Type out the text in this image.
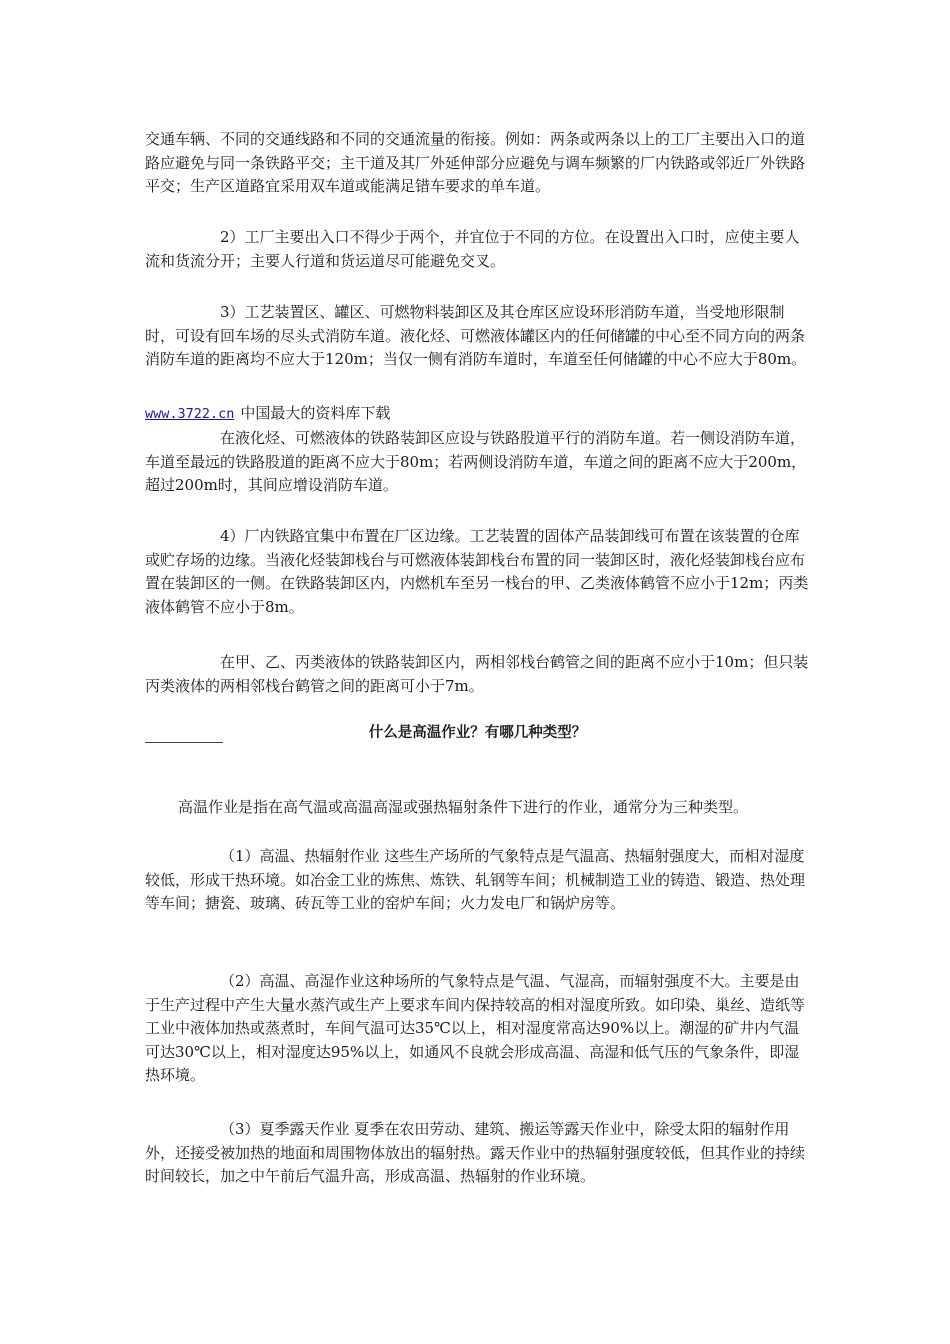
交通车辆、不同的交通线路和不同的交通流量的衔接。例如：两条或两条以上的工厂主要出入口的道路应避免与同一条铁路平交；主干道及其厂外延伸部分应避免与调车频繁的厂内铁路或邻近厂外铁路平交；生产区道路宜采用双车道或能满足错车要求的单车道。

2）工厂主要出入口不得少于两个，并宜位于不同的方位。在设置出入口时，应使主要人流和货流分开；主要人行道和货运道尽可能避免交叉。

3）工艺装置区、罐区、可燃物料装卸区及其仓库区应设环形消防车道，当受地形限制时，可设有回车场的尽头式消防车道。液化烃、可燃液体罐区内的任何储罐的中心至不同方向的两条消防车道的距离均不应大于120m；当仅一侧有消防车道时，车道至任何储罐的中心不应大于80m。

www.3722.cn 中国最大的资料库下载

在液化烃、可燃液体的铁路装卸区应设与铁路股道平行的消防车道。若一侧设消防车道，车道至最远的铁路股道的距离不应大于80m；若两侧设消防车道，车道之间的距离不应大于200m，超过200m时，其间应增设消防车道。

4）厂内铁路宜集中布置在厂区边缘。工艺装置的固体产品装卸线可布置在该装置的仓库或贮存场的边缘。当液化烃装卸栈台与可燃液体装卸栈台布置的同一装卸区时，液化烃装卸栈台应布置在装卸区的一侧。在铁路装卸区内，内燃机车至另一栈台的甲、乙类液体鹤管不应小于12m；丙类液体鹤管不应小于8m。

在甲、乙、丙类液体的铁路装卸区内，两相邻栈台鹤管之间的距离不应小于10m；但只装丙类液体的两相邻栈台鹤管之间的距离可小于7m。

什么是高温作业？有哪几种类型？

高温作业是指在高气温或高温高湿或强热辐射条件下进行的作业，通常分为三种类型。

（1）高温、热辐射作业 这些生产场所的气象特点是气温高、热辐射强度大，而相对湿度较低，形成干热环境。如冶金工业的炼焦、炼铁、轧钢等车间；机械制造工业的铸造、锻造、热处理等车间；搪瓷、玻璃、砖瓦等工业的窑炉车间；火力发电厂和锅炉房等。

（2）高温、高湿作业这种场所的气象特点是气温、气湿高，而辐射强度不大。主要是由于生产过程中产生大量水蒸汽或生产上要求车间内保持较高的相对湿度所致。如印染、巢丝、造纸等工业中液体加热或蒸煮时，车间气温可达35℃以上，相对湿度常高达90%以上。潮湿的矿井内气温可达30℃以上，相对湿度达95%以上，如通风不良就会形成高温、高湿和低气压的气象条件，即湿热环境。

（3）夏季露天作业 夏季在农田劳动、建筑、搬运等露天作业中，除受太阳的辐射作用外，还接受被加热的地面和周围物体放出的辐射热。露天作业中的热辐射强度较低，但其作业的持续时间较长，加之中午前后气温升高，形成高温、热辐射的作业环境。
